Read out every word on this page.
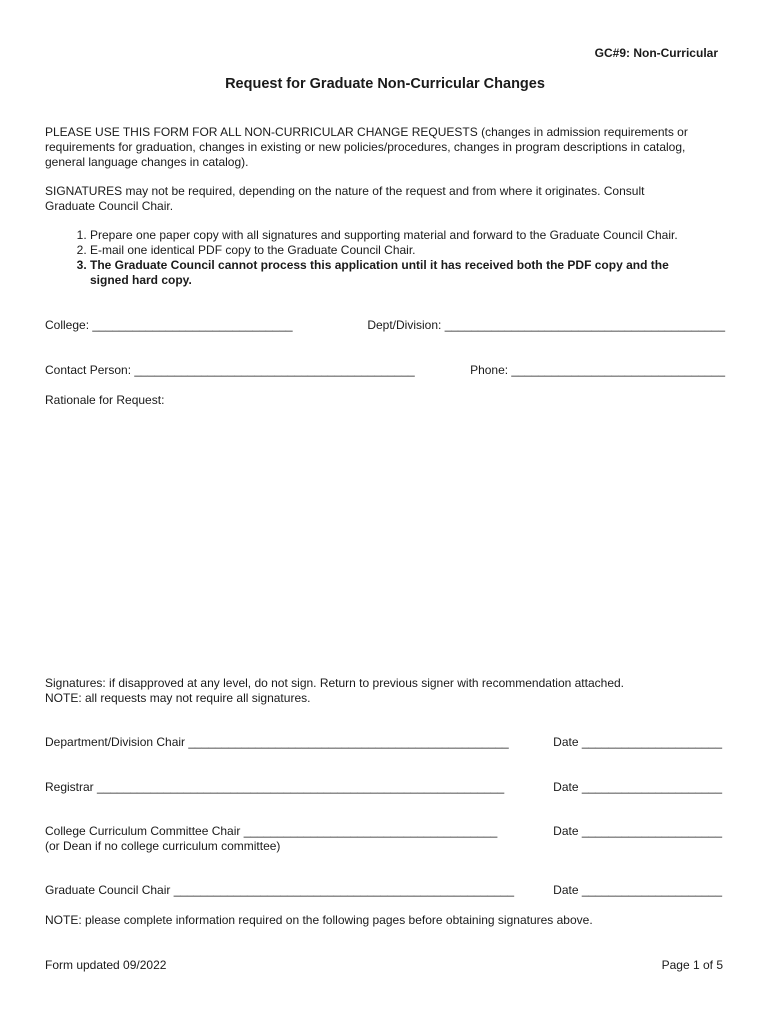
GC#9: Non-Curricular
Request for Graduate Non-Curricular Changes
PLEASE USE THIS FORM FOR ALL NON-CURRICULAR CHANGE REQUESTS (changes in admission requirements or
requirements for graduation, changes in existing or new policies/procedures, changes in program descriptions in catalog,
general language changes in catalog).
SIGNATURES may not be required, depending on the nature of the request and from where it originates. Consult
Graduate Council Chair.
1. Prepare one paper copy with all signatures and supporting material and forward to the Graduate Council Chair.
2. E-mail one identical PDF copy to the Graduate Council Chair.
3. The Graduate Council cannot process this application until it has received both the PDF copy and the
signed hard copy.
College: ______________________________	Dept/Division: __________________________________________
Contact Person: __________________________________________	Phone: ________________________________
Rationale for Request:
Signatures: if disapproved at any level, do not sign. Return to previous signer with recommendation attached.
NOTE: all requests may not require all signatures.
Department/Division Chair ________________________________________________	Date _____________________
Registrar _____________________________________________________________	Date _____________________
College Curriculum Committee Chair ______________________________________	Date _____________________
(or Dean if no college curriculum committee)
Graduate Council Chair ___________________________________________________	Date _____________________
NOTE: please complete information required on the following pages before obtaining signatures above.
Form updated 09/2022	Page 1 of 5
